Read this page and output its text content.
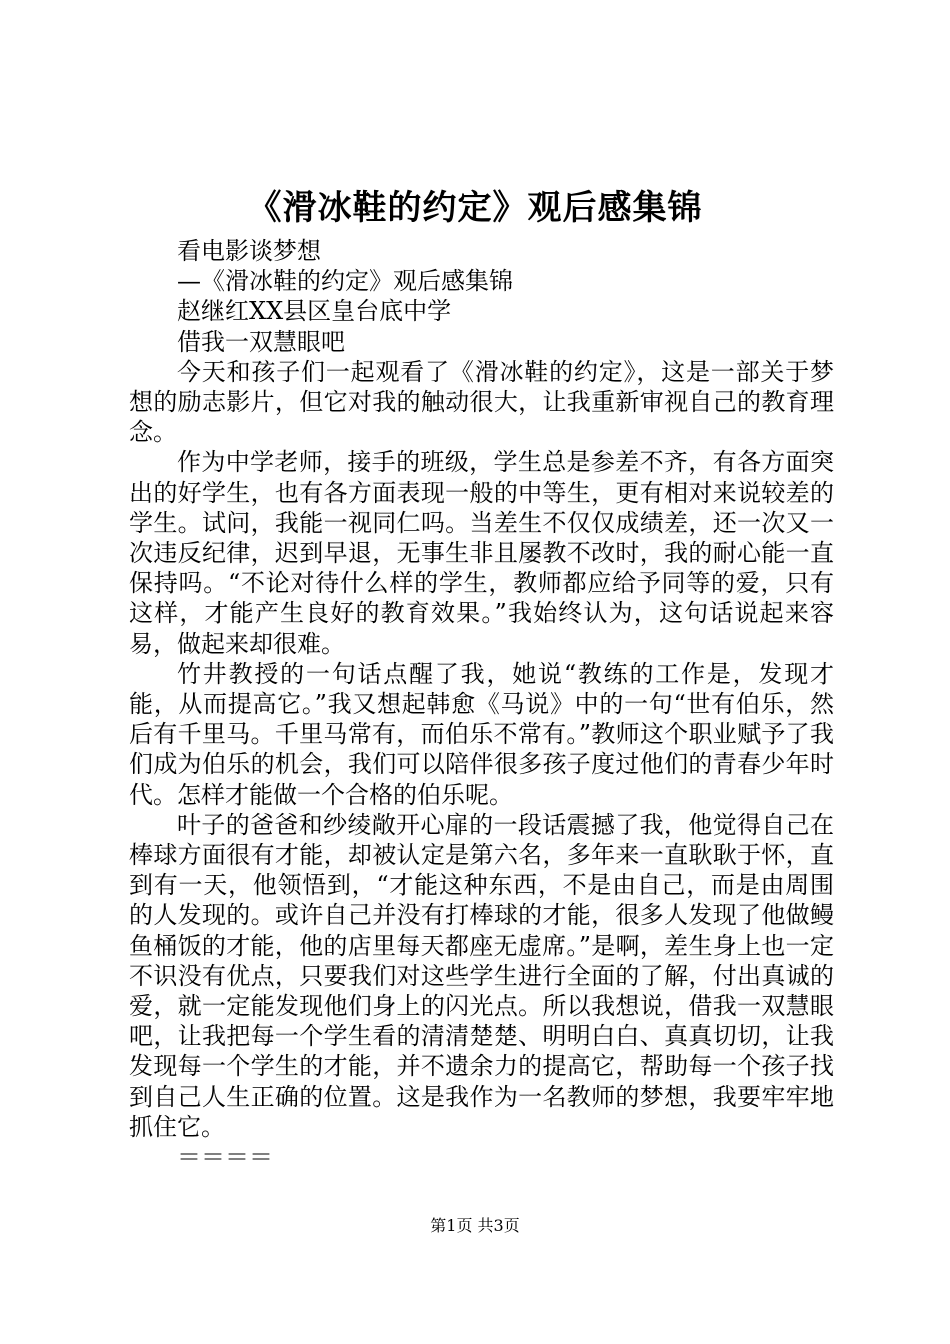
《滑冰鞋的约定》观后感集锦

看电影谈梦想

—《滑冰鞋的约定》观后感集锦

赵继红XX县区皇台底中学

借我一双慧眼吧

今天和孩子们一起观看了《滑冰鞋的约定》，这是一部关于梦想的励志影片，但它对我的触动很大，让我重新审视自己的教育理念。

作为中学老师，接手的班级，学生总是参差不齐，有各方面突出的好学生，也有各方面表现一般的中等生，更有相对来说较差的学生。试问，我能一视同仁吗。当差生不仅仅成绩差，还一次又一次违反纪律，迟到早退，无事生非且屡教不改时，我的耐心能一直保持吗。“不论对待什么样的学生，教师都应给予同等的爱，只有这样，才能产生良好的教育效果。”我始终认为，这句话说起来容易，做起来却很难。

竹井教授的一句话点醒了我，她说“教练的工作是，发现才能，从而提高它。”我又想起韩愈《马说》中的一句“世有伯乐，然后有千里马。千里马常有，而伯乐不常有。”教师这个职业赋予了我们成为伯乐的机会，我们可以陪伴很多孩子度过他们的青春少年时代。怎样才能做一个合格的伯乐呢。

叶子的爸爸和纱绫敞开心扉的一段话震撼了我，他觉得自己在棒球方面很有才能，却被认定是第六名，多年来一直耿耿于怀，直到有一天，他领悟到，“才能这种东西，不是由自己，而是由周围的人发现的。或许自己并没有打棒球的才能，很多人发现了他做鳗鱼桶饭的才能，他的店里每天都座无虚席。”是啊，差生身上也一定不识没有优点，只要我们对这些学生进行全面的了解，付出真诚的爱，就一定能发现他们身上的闪光点。所以我想说，借我一双慧眼吧，让我把每一个学生看的清清楚楚、明明白白、真真切切，让我发现每一个学生的才能，并不遗余力的提高它，帮助每一个孩子找到自己人生正确的位置。这是我作为一名教师的梦想，我要牢牢地抓住它。

＝＝＝＝

第1页 共3页
